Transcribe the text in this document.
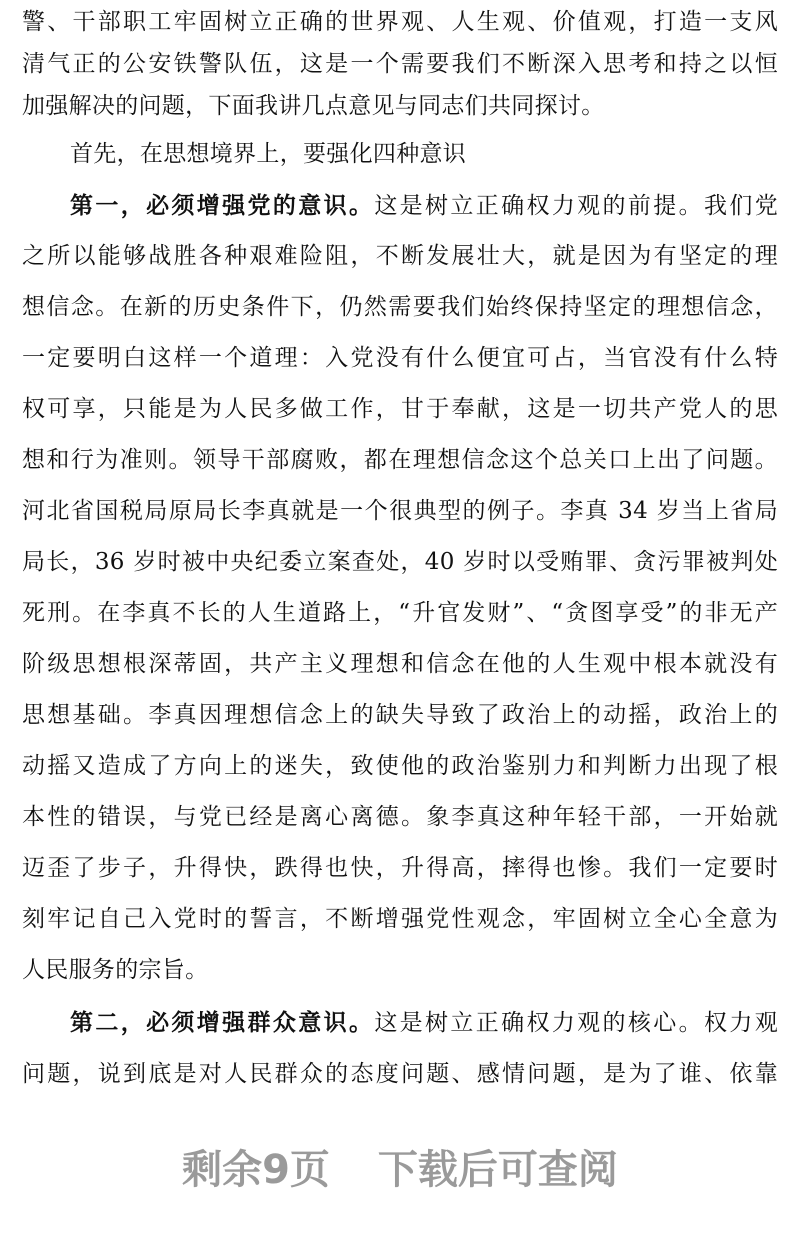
警、干部职工牢固树立正确的世界观、人生观、价值观，打造一支风
清气正的公安铁警队伍，这是一个需要我们不断深入思考和持之以恒
加强解决的问题，下面我讲几点意见与同志们共同探讨。
首先，在思想境界上，要强化四种意识
第一，必须增强党的意识。这是树立正确权力观的前提。我们党
之所以能够战胜各种艰难险阻，不断发展壮大，就是因为有坚定的理
想信念。在新的历史条件下，仍然需要我们始终保持坚定的理想信念，
一定要明白这样一个道理：入党没有什么便宜可占，当官没有什么特
权可享，只能是为人民多做工作，甘于奉献，这是一切共产党人的思
想和行为准则。领导干部腐败，都在理想信念这个总关口上出了问题。
河北省国税局原局长李真就是一个很典型的例子。李真 34 岁当上省局
局长，36 岁时被中央纪委立案查处，40 岁时以受贿罪、贪污罪被判处
死刑。在李真不长的人生道路上，“升官发财”、“贪图享受”的非无产
阶级思想根深蒂固，共产主义理想和信念在他的人生观中根本就没有
思想基础。李真因理想信念上的缺失导致了政治上的动摇，政治上的
动摇又造成了方向上的迷失，致使他的政治鉴别力和判断力出现了根
本性的错误，与党已经是离心离德。象李真这种年轻干部，一开始就
迈歪了步子，升得快，跌得也快，升得高，摔得也惨。我们一定要时
刻牢记自己入党时的誓言，不断增强党性观念，牢固树立全心全意为
人民服务的宗旨。
第二，必须增强群众意识。这是树立正确权力观的核心。权力观
问题，说到底是对人民群众的态度问题、感情问题，是为了谁、依靠
剩余9页 下载后可查阅
